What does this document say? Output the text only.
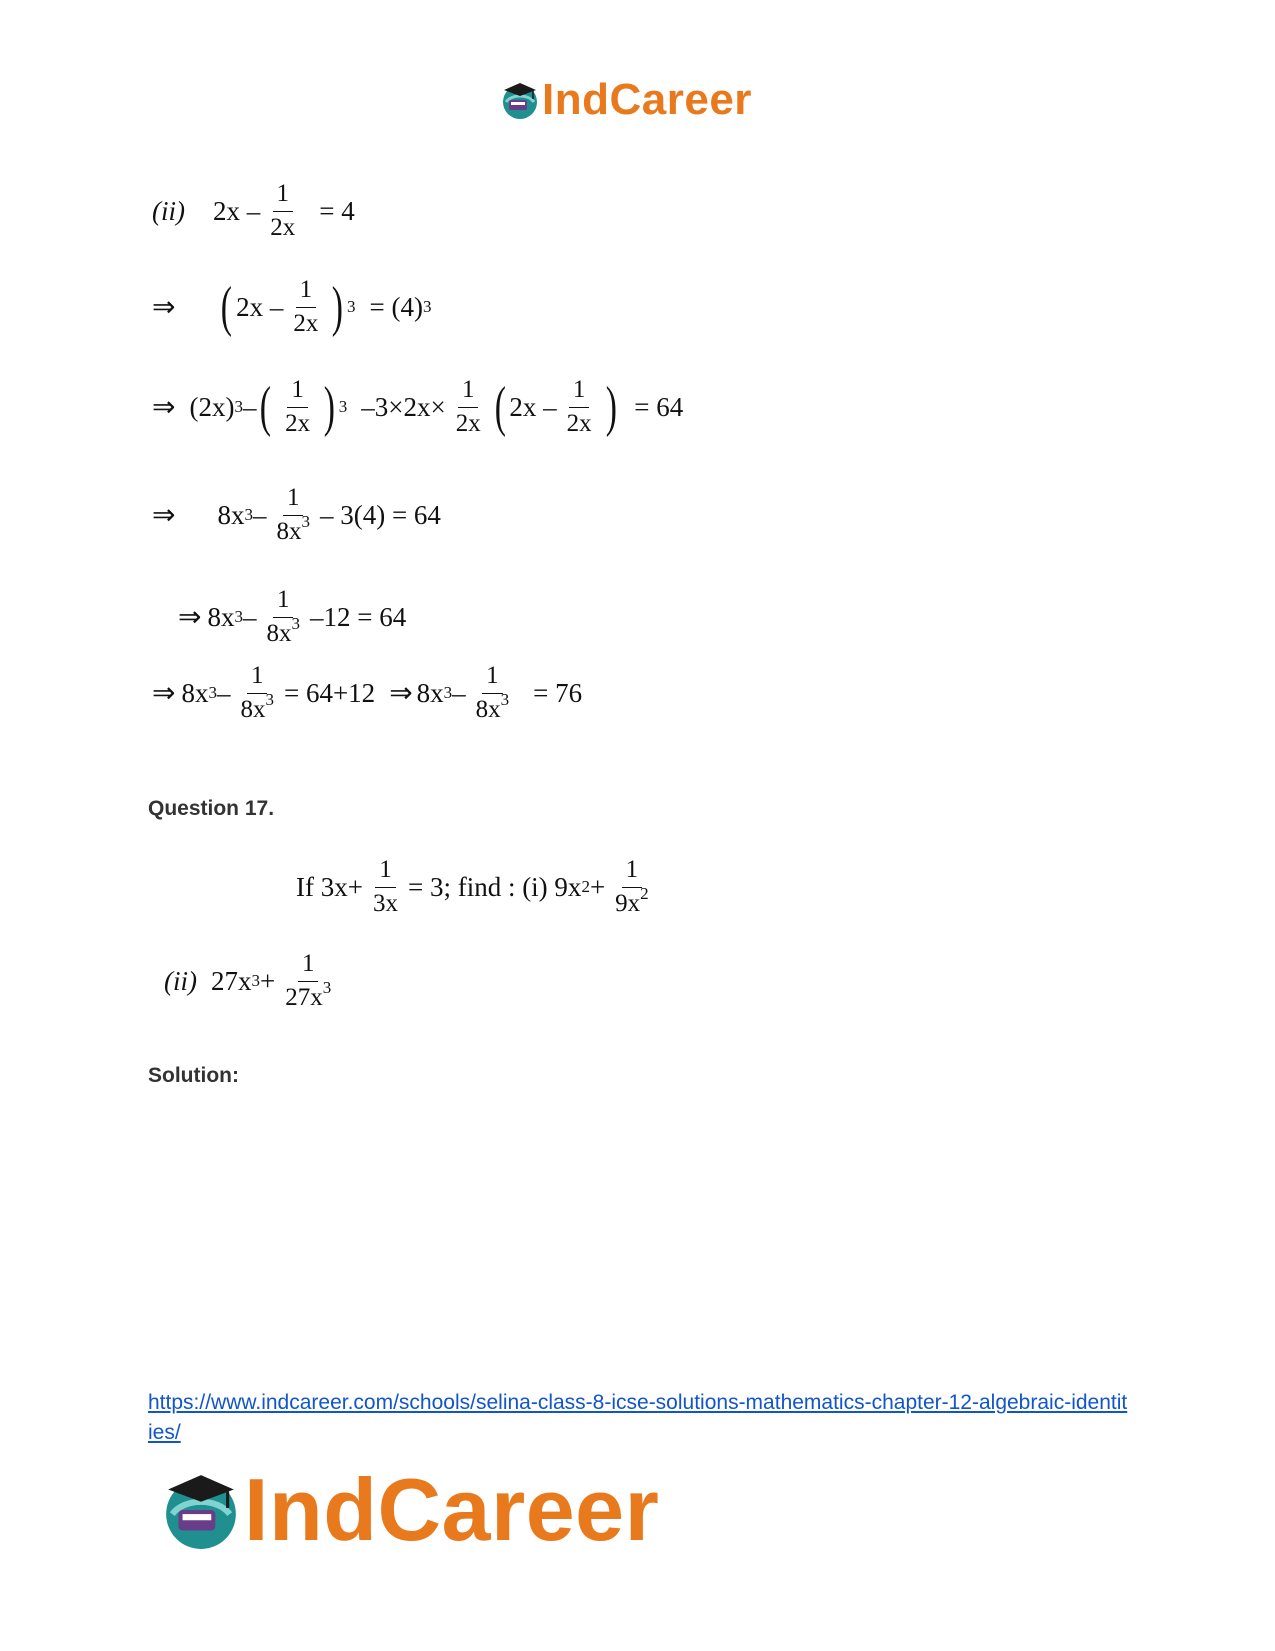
IndCareer
(ii) $2x - \frac{1}{2x} = 4$
⇒ ( $2x - \frac{1}{2x}$ ) 3 = (4) 3
⇒ (2x) 3 – ( $\frac{1}{2x}$ ) 3 $-3\times 2x\times \frac{1}{2x}$ ( $2x - \frac{1}{2x}$ ) = 64
⇒ 8x $3 - \frac{1}{8x^3} - 3(4) = 64$
⇒ 8x $3 - \frac{1}{8x^3} -12 = 64$
⇒ 8x $3 - \frac{1}{8x^3} = 64+12$ ⇒ 8x $3 - \frac{1}{8x^3} = 76$
Question 17.
If $3x+ \frac{1}{3x} = 3$; find : (i) 9x $2 + \frac{1}{9x^2}$
(ii) 27x $3 + \frac{1}{27x^3}$
Solution:
https://www.indcareer.com/schools/selina-class-8-icse-solutions-mathematics-chapter-12-algebraic-identities/
IndCareer
